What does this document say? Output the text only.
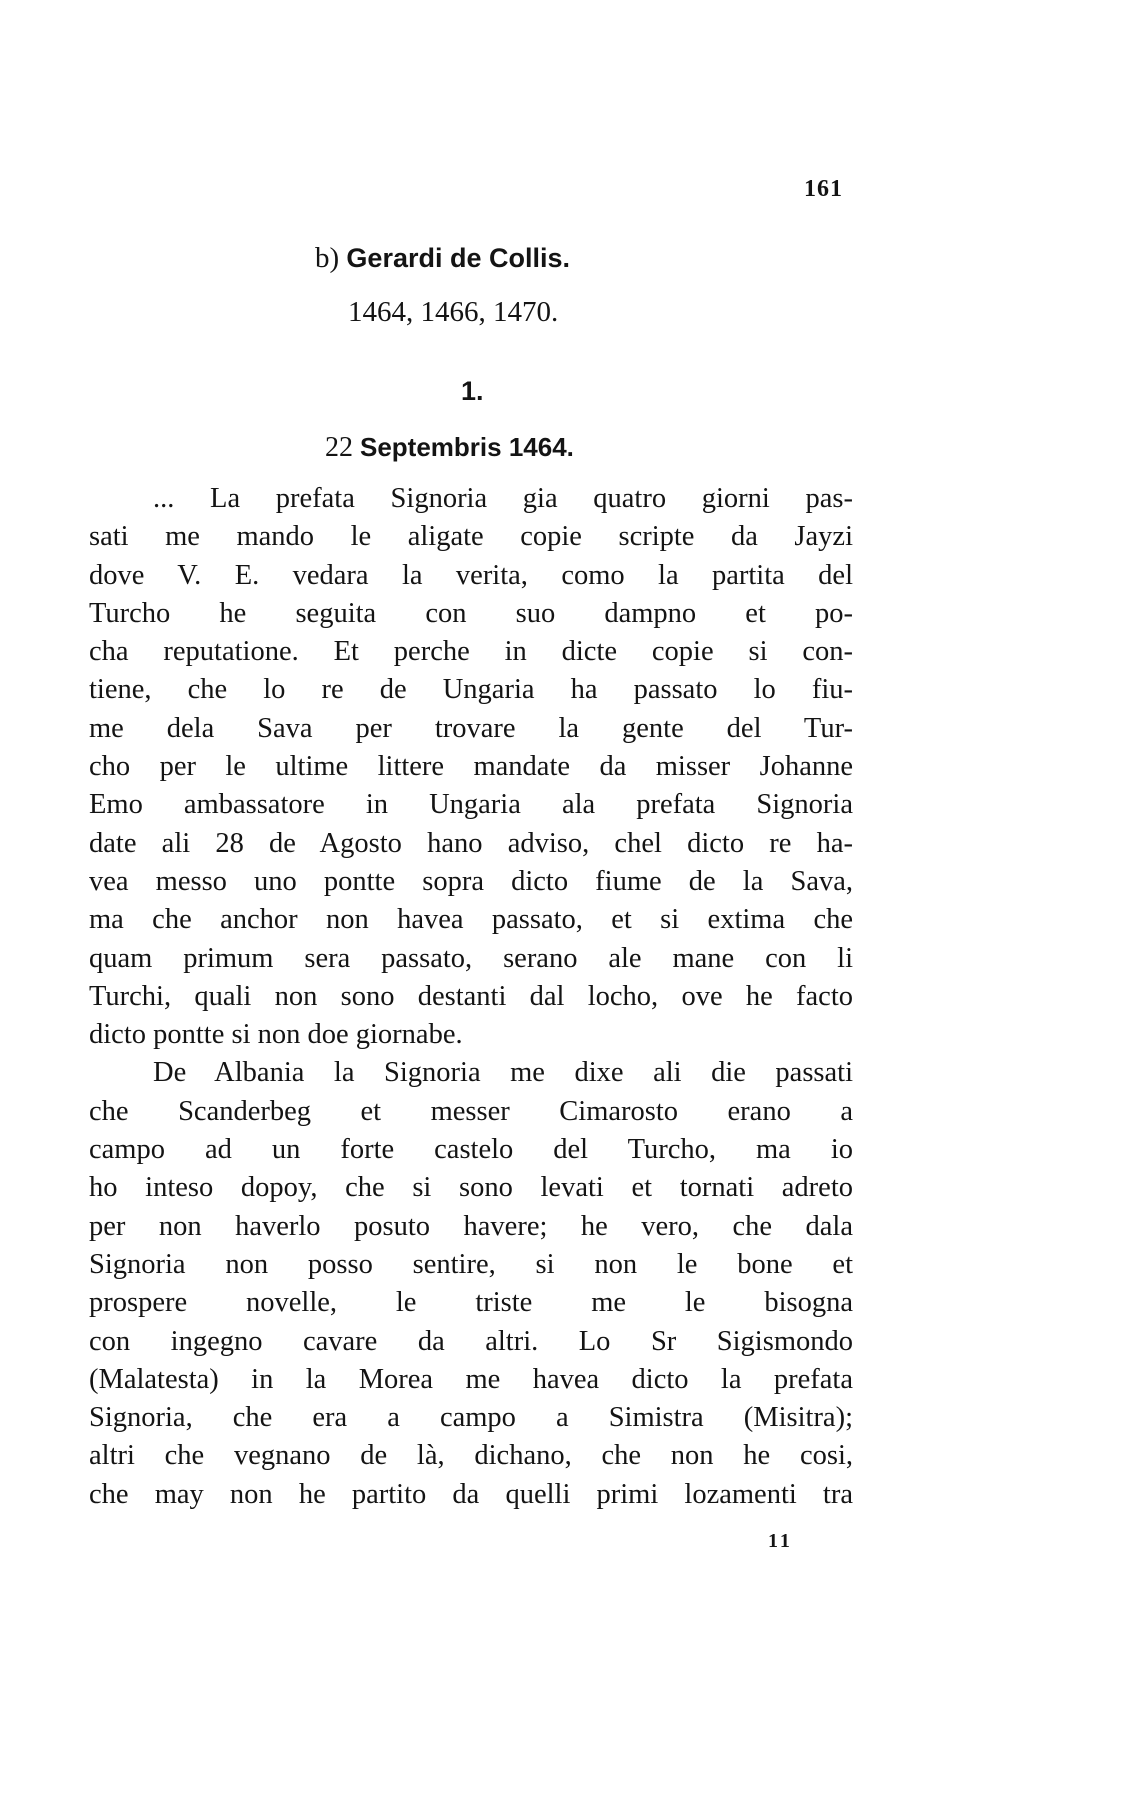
161
b) Gerardi de Collis.
1464, 1466, 1470.
1.
22 Septembris 1464.
... La prefata Signoria gia quatro giorni pas-
sati me mando le aligate copie scripte da Jayzi
dove V. E. vedara la verita, como la partita del
Turcho he seguita con suo dampno et po-
cha reputatione. Et perche in dicte copie si con-
tiene, che lo re de Ungaria ha passato lo fiu-
me dela Sava per trovare la gente del Tur-
cho per le ultime littere mandate da misser Johanne
Emo ambassatore in Ungaria ala prefata Signoria
date ali 28 de Agosto hano adviso, chel dicto re ha-
vea messo uno pontte sopra dicto fiume de la Sava,
ma che anchor non havea passato, et si extima che
quam primum sera passato, serano ale mane con li
Turchi, quali non sono destanti dal locho, ove he facto
dicto pontte si non doe giornabe.
De Albania la Signoria me dixe ali die passati
che Scanderbeg et messer Cimarosto erano a
campo ad un forte castelo del Turcho, ma io
ho inteso dopoy, che si sono levati et tornati adreto
per non haverlo posuto havere; he vero, che dala
Signoria non posso sentire, si non le bone et
prospere novelle, le triste me le bisogna
con ingegno cavare da altri. Lo Sr Sigismondo
(Malatesta) in la Morea me havea dicto la prefata
Signoria, che era a campo a Simistra (Misitra);
altri che vegnano de là, dichano, che non he cosi,
che may non he partito da quelli primi lozamenti tra
11
